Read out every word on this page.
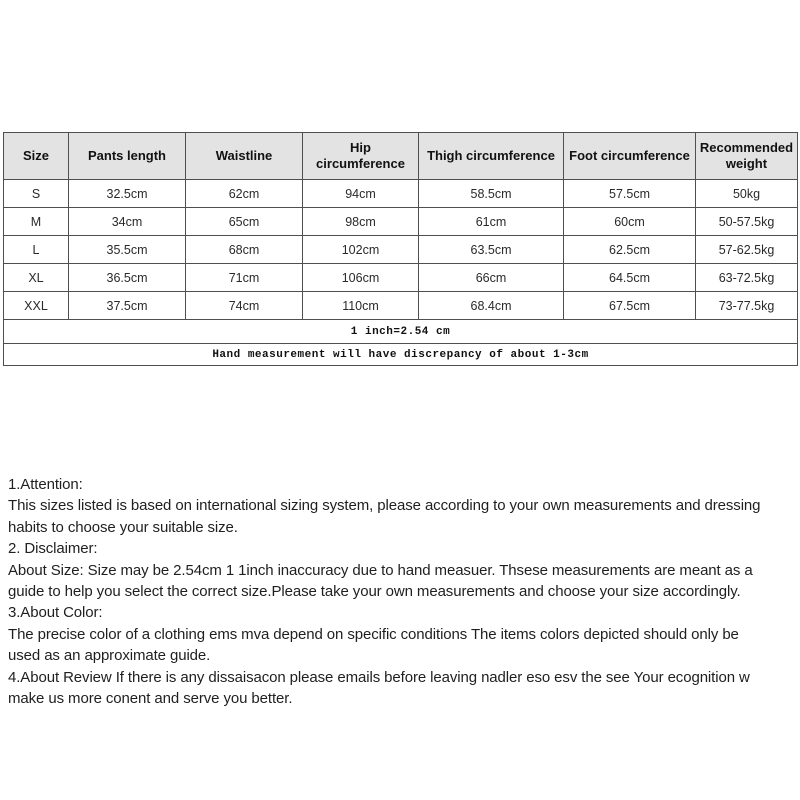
Size	Pants length	Waistline	Hip circumference	Thigh circumference	Foot circumference	Recommended weight
S	32.5cm	62cm	94cm	58.5cm	57.5cm	50kg
M	34cm	65cm	98cm	61cm	60cm	50-57.5kg
L	35.5cm	68cm	102cm	63.5cm	62.5cm	57-62.5kg
XL	36.5cm	71cm	106cm	66cm	64.5cm	63-72.5kg
XXL	37.5cm	74cm	110cm	68.4cm	67.5cm	73-77.5kg
1 inch=2.54 cm						
Hand measurement will have discrepancy of about 1-3cm						
1.Attention:
This sizes listed is based on international sizing system, please according to your own measurements and dressing
habits to choose your suitable size.
2. Disclaimer:
About Size: Size may be 2.54cm 1 1inch inaccuracy due to hand measuer. Thsese measurements are meant as a
guide to help you select the correct size.Please take your own measurements and choose your size accordingly.
3.About Color:
The precise color of a clothing ems mva depend on specific conditions The items colors depicted should only be
used as an approximate guide.
4.About Review If there is any dissaisacon please emails before leaving nadler eso esv the see Your ecognition w
make us more conent and serve you better.
